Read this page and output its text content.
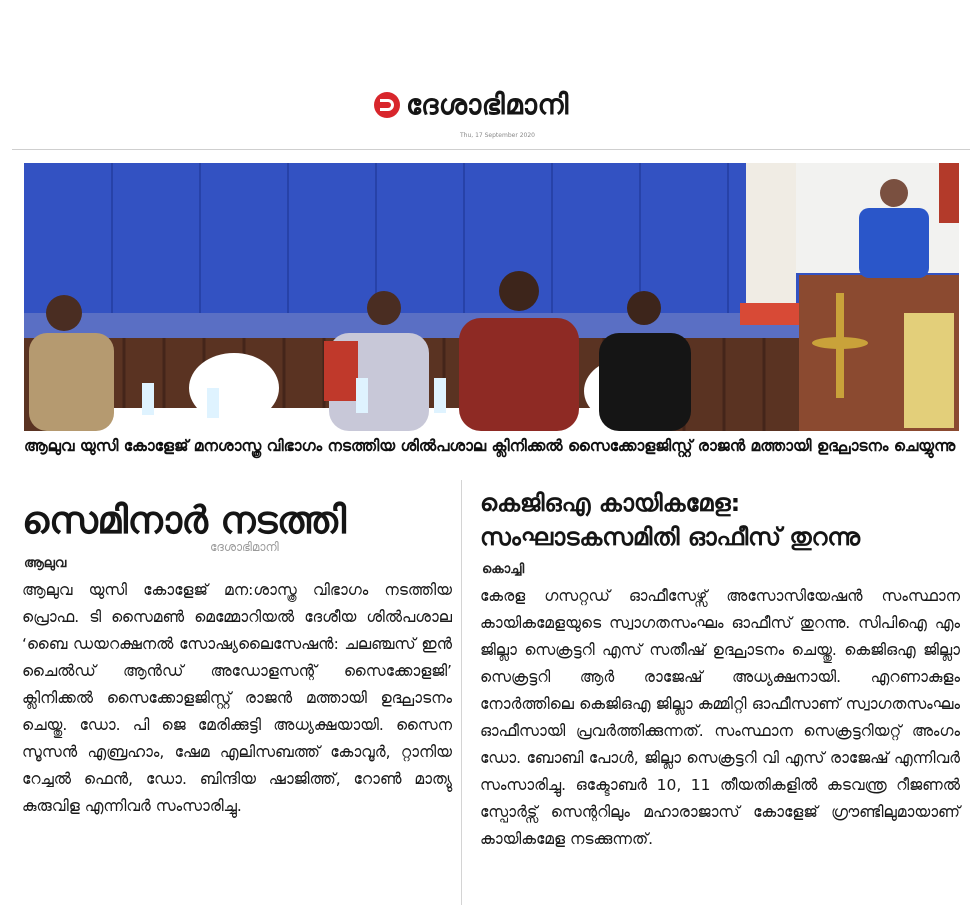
ദേശാഭിമാനി
Thu, 17 September 2020
ആലുവ യുസി കോളേജ് മനശാസ്ത്ര വിഭാഗം നടത്തിയ ശിൽപശാല ക്ലിനിക്കൽ സൈക്കോളജിസ്റ്റ് രാജൻ മത്തായി ഉദ്ഘാടനം ചെയ്യുന്നു
സെമിനാർ നടത്തി
ദേശാഭിമാനി
ആലുവ

ആലുവ യുസി കോളേജ് മന:ശാസ്ത്ര വിഭാഗം നടത്തിയ പ്രൊഫ. ടി സൈമൺ മെമ്മോറിയൽ ദേശീയ ശിൽപശാല ‘ബൈ ഡയറക്ഷനൽ സോഷ്യലൈസേഷൻ: ചലഞ്ചസ് ഇൻ ചൈൽഡ് ആൻഡ് അഡോളസന്റ് സൈക്കോളജി’ ക്ലിനിക്കൽ സൈക്കോളജിസ്റ്റ് രാജൻ മത്തായി ഉദ്ഘാടനം ചെയ്തു. ഡോ. പി ജെ മേരിക്കുട്ടി അധ്യക്ഷയായി. സൈന സൂസൻ എബ്രഹാം, ഷേമ എലിസബത്ത് കോവൂർ, റ്റാനിയ റേച്ചൽ ഫെൻ, ഡോ. ബിന്ദിയ ഷാജിത്ത്, റോൺ മാത്യു കുരുവിള എന്നിവർ സംസാരിച്ചു.

കെജിഒഎ കായികമേള:
സംഘാടകസമിതി ഓഫീസ് തുറന്നു
കൊച്ചി

കേരള ഗസറ്റഡ് ഓഫീസേഴ്സ് അസോസിയേഷൻ സംസ്ഥാന കായികമേളയുടെ സ്വാഗതസംഘം ഓഫീസ് തുറന്നു. സിപിഐ എം ജില്ലാ സെക്രട്ടറി എസ് സതീഷ് ഉദ്ഘാടനം ചെയ്തു. കെജിഒഎ ജില്ലാ സെക്രട്ടറി ആർ രാജേഷ് അധ്യക്ഷനായി. എറണാകുളം നോർത്തിലെ കെജിഒഎ ജില്ലാ കമ്മിറ്റി ഓഫീസാണ് സ്വാഗതസംഘം ഓഫീസായി പ്രവർത്തിക്കുന്നത്. സംസ്ഥാന സെക്രട്ടറിയറ്റ് അംഗം ഡോ. ബോബി പോൾ, ജില്ലാ സെക്രട്ടറി വി എസ് രാജേഷ് എന്നിവർ സംസാരിച്ചു. ഒക്ടോബർ 10, 11 തീയതികളിൽ കടവന്ത്ര റീജണൽ സ്പോർട്സ് സെന്ററിലും മഹാരാജാസ് കോളേജ് ഗ്രൗണ്ടിലുമായാണ് കായികമേള നടക്കുന്നത്.
